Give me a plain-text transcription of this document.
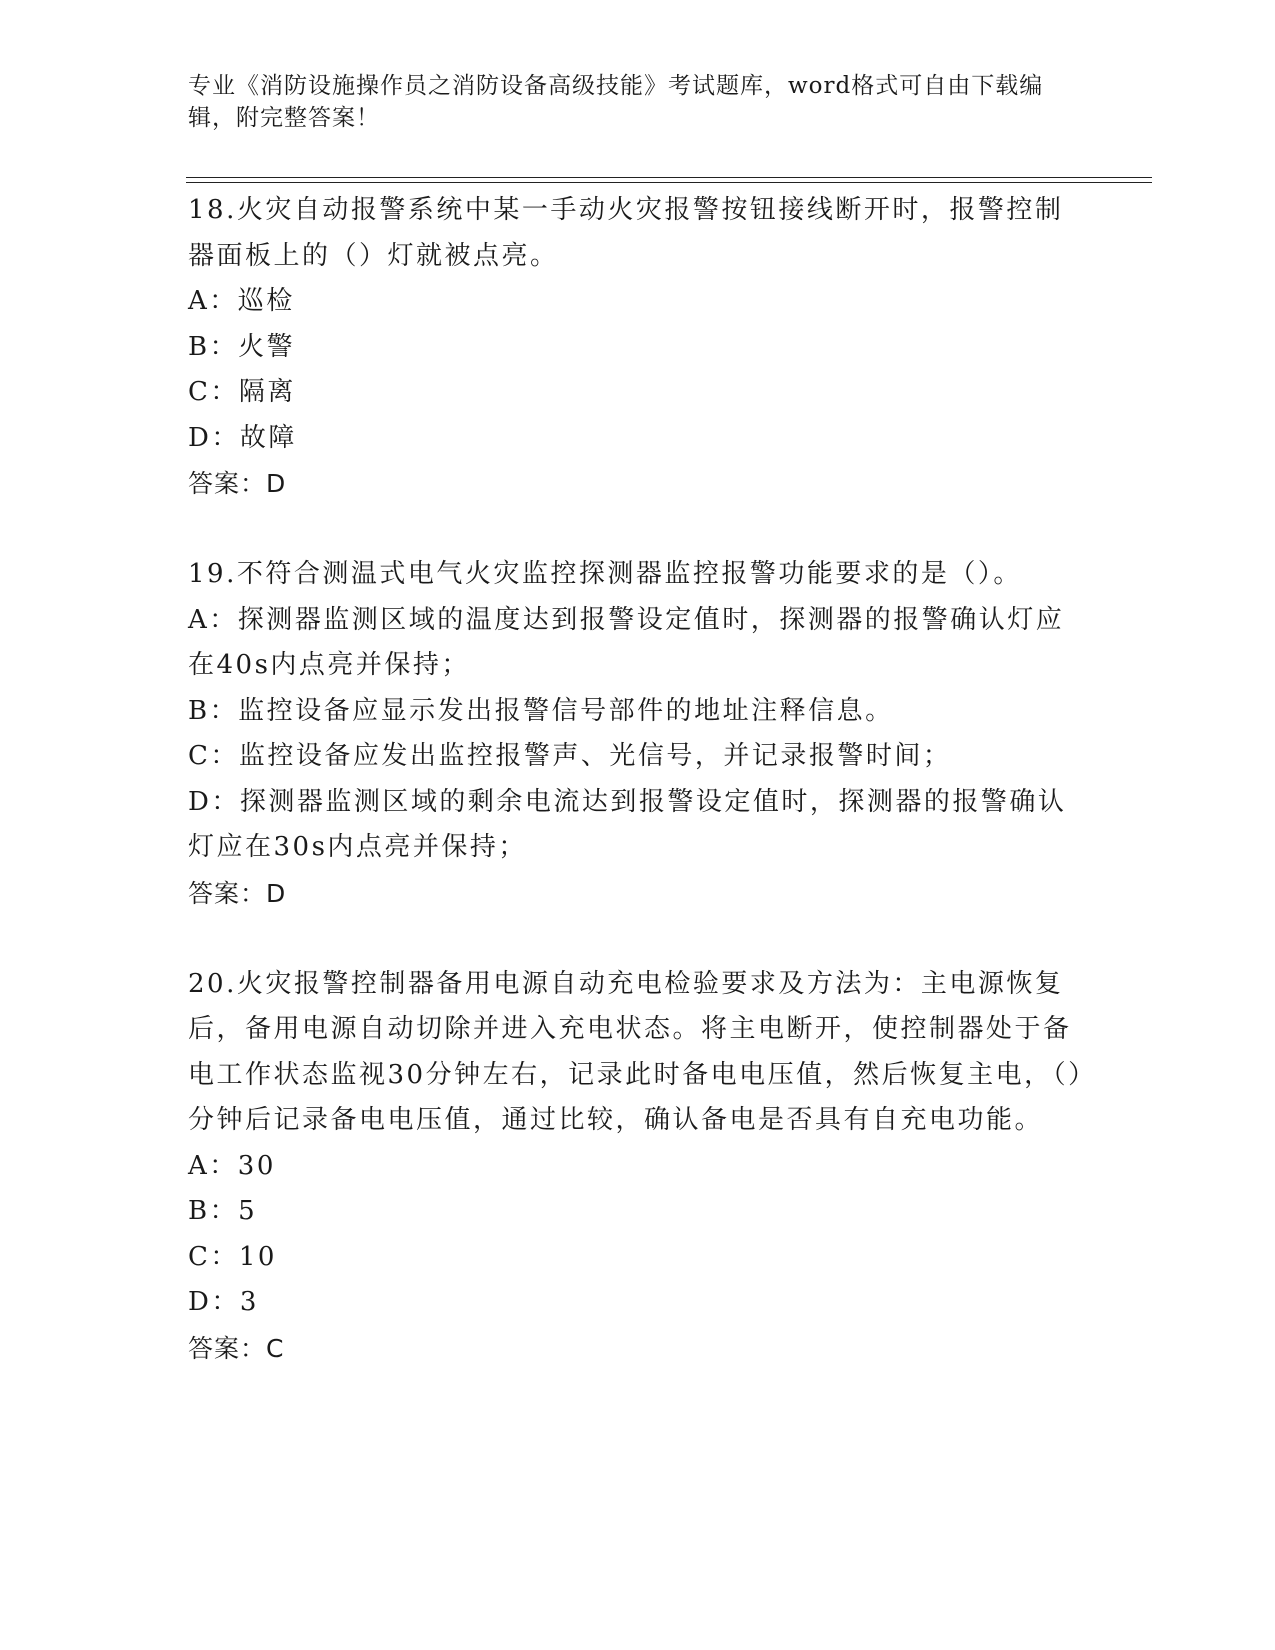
专业《消防设施操作员之消防设备高级技能》考试题库，word格式可自由下载编辑，附完整答案！

18.火灾自动报警系统中某一手动火灾报警按钮接线断开时，报警控制器面板上的（）灯就被点亮。

A：巡检

B：火警

C：隔离

D：故障

答案：D

19.不符合测温式电气火灾监控探测器监控报警功能要求的是（）。

A：探测器监测区域的温度达到报警设定值时，探测器的报警确认灯应在40s内点亮并保持；

B：监控设备应显示发出报警信号部件的地址注释信息。

C：监控设备应发出监控报警声、光信号，并记录报警时间；

D：探测器监测区域的剩余电流达到报警设定值时，探测器的报警确认灯应在30s内点亮并保持；

答案：D

20.火灾报警控制器备用电源自动充电检验要求及方法为：主电源恢复后，备用电源自动切除并进入充电状态。将主电断开，使控制器处于备电工作状态监视30分钟左右，记录此时备电电压值，然后恢复主电，（）分钟后记录备电电压值，通过比较，确认备电是否具有自充电功能。

A：30

B：5

C：10

D：3

答案：C
